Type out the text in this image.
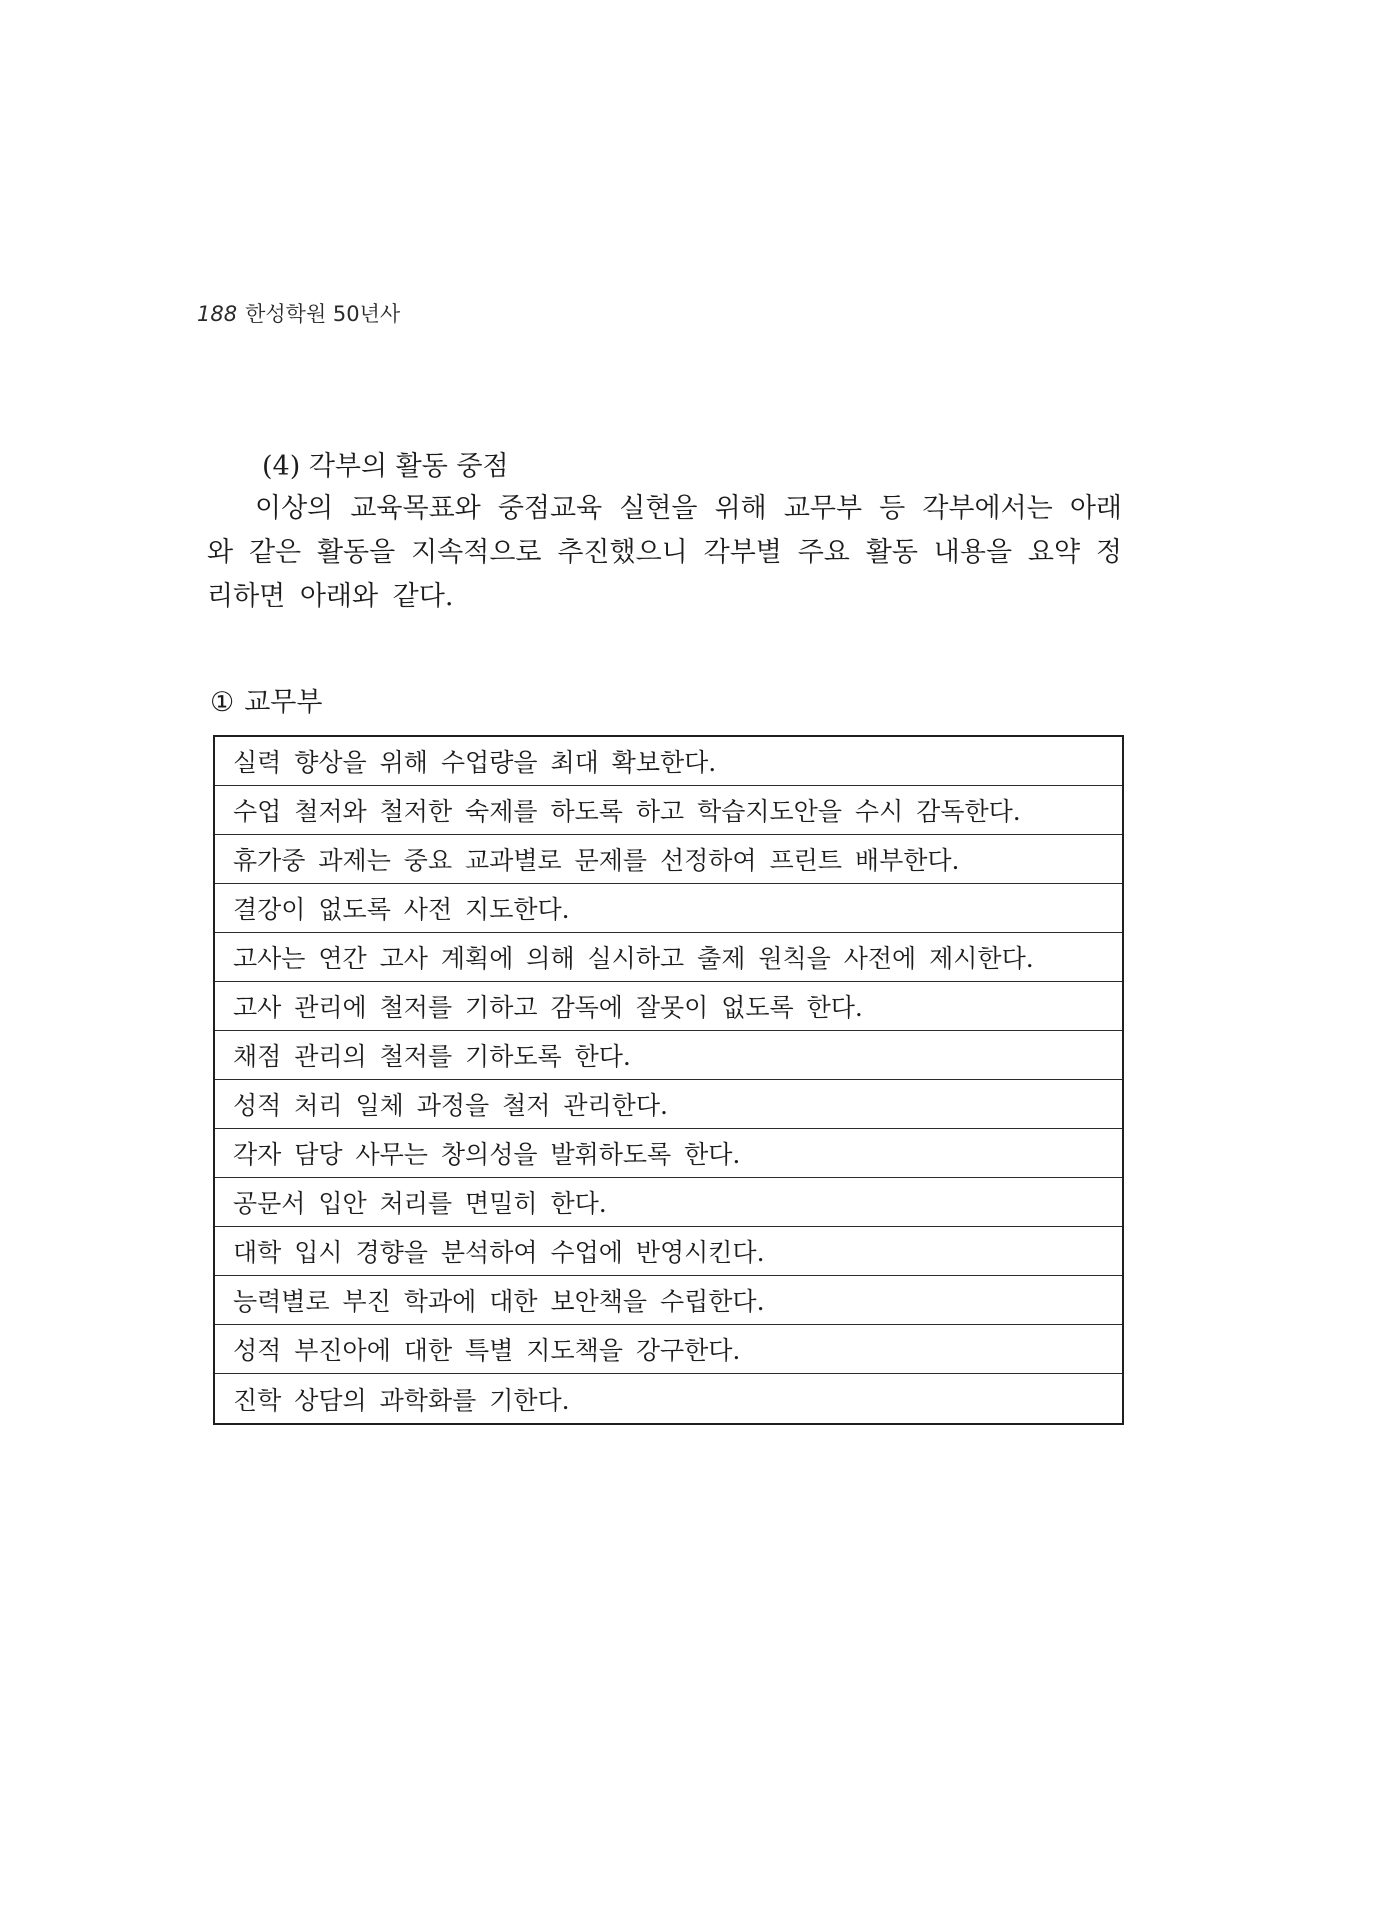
188 한성학원 50년사
(4) 각부의 활동 중점

이상의 교육목표와 중점교육 실현을 위해 교무부 등 각부에서는 아래와 같은 활동을 지속적으로 추진했으니 각부별 주요 활동 내용을 요약 정리하면 아래와 같다.

① 교무부
실력 향상을 위해 수업량을 최대 확보한다.
수업 철저와 철저한 숙제를 하도록 하고 학습지도안을 수시 감독한다.
휴가중 과제는 중요 교과별로 문제를 선정하여 프린트 배부한다.
결강이 없도록 사전 지도한다.
고사는 연간 고사 계획에 의해 실시하고 출제 원칙을 사전에 제시한다.
고사 관리에 철저를 기하고 감독에 잘못이 없도록 한다.
채점 관리의 철저를 기하도록 한다.
성적 처리 일체 과정을 철저 관리한다.
각자 담당 사무는 창의성을 발휘하도록 한다.
공문서 입안 처리를 면밀히 한다.
대학 입시 경향을 분석하여 수업에 반영시킨다.
능력별로 부진 학과에 대한 보안책을 수립한다.
성적 부진아에 대한 특별 지도책을 강구한다.
진학 상담의 과학화를 기한다.
